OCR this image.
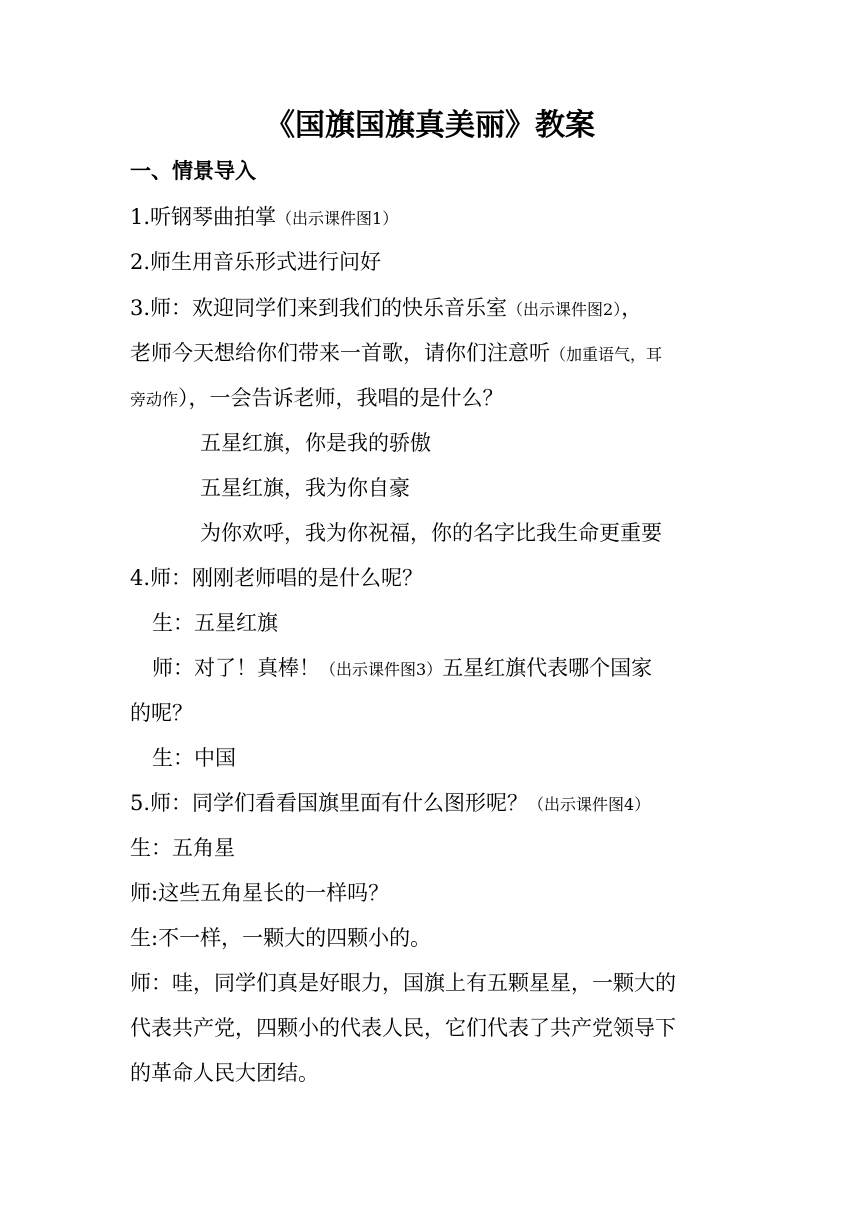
《国旗国旗真美丽》教案
一、情景导入
1.听钢琴曲拍掌（出示课件图1）
2.师生用音乐形式进行问好
3.师：欢迎同学们来到我们的快乐音乐室（出示课件图2），
老师今天想给你们带来一首歌，请你们注意听（加重语气，耳
旁动作），一会告诉老师，我唱的是什么？
五星红旗，你是我的骄傲
五星红旗，我为你自豪
为你欢呼，我为你祝福，你的名字比我生命更重要
4.师：刚刚老师唱的是什么呢？
生：五星红旗
师：对了！真棒！（出示课件图3）五星红旗代表哪个国家
的呢？
生：中国
5.师：同学们看看国旗里面有什么图形呢？（出示课件图4）
生：五角星
师:这些五角星长的一样吗？
生:不一样，一颗大的四颗小的。
师：哇，同学们真是好眼力，国旗上有五颗星星，一颗大的
代表共产党，四颗小的代表人民，它们代表了共产党领导下
的革命人民大团结。
